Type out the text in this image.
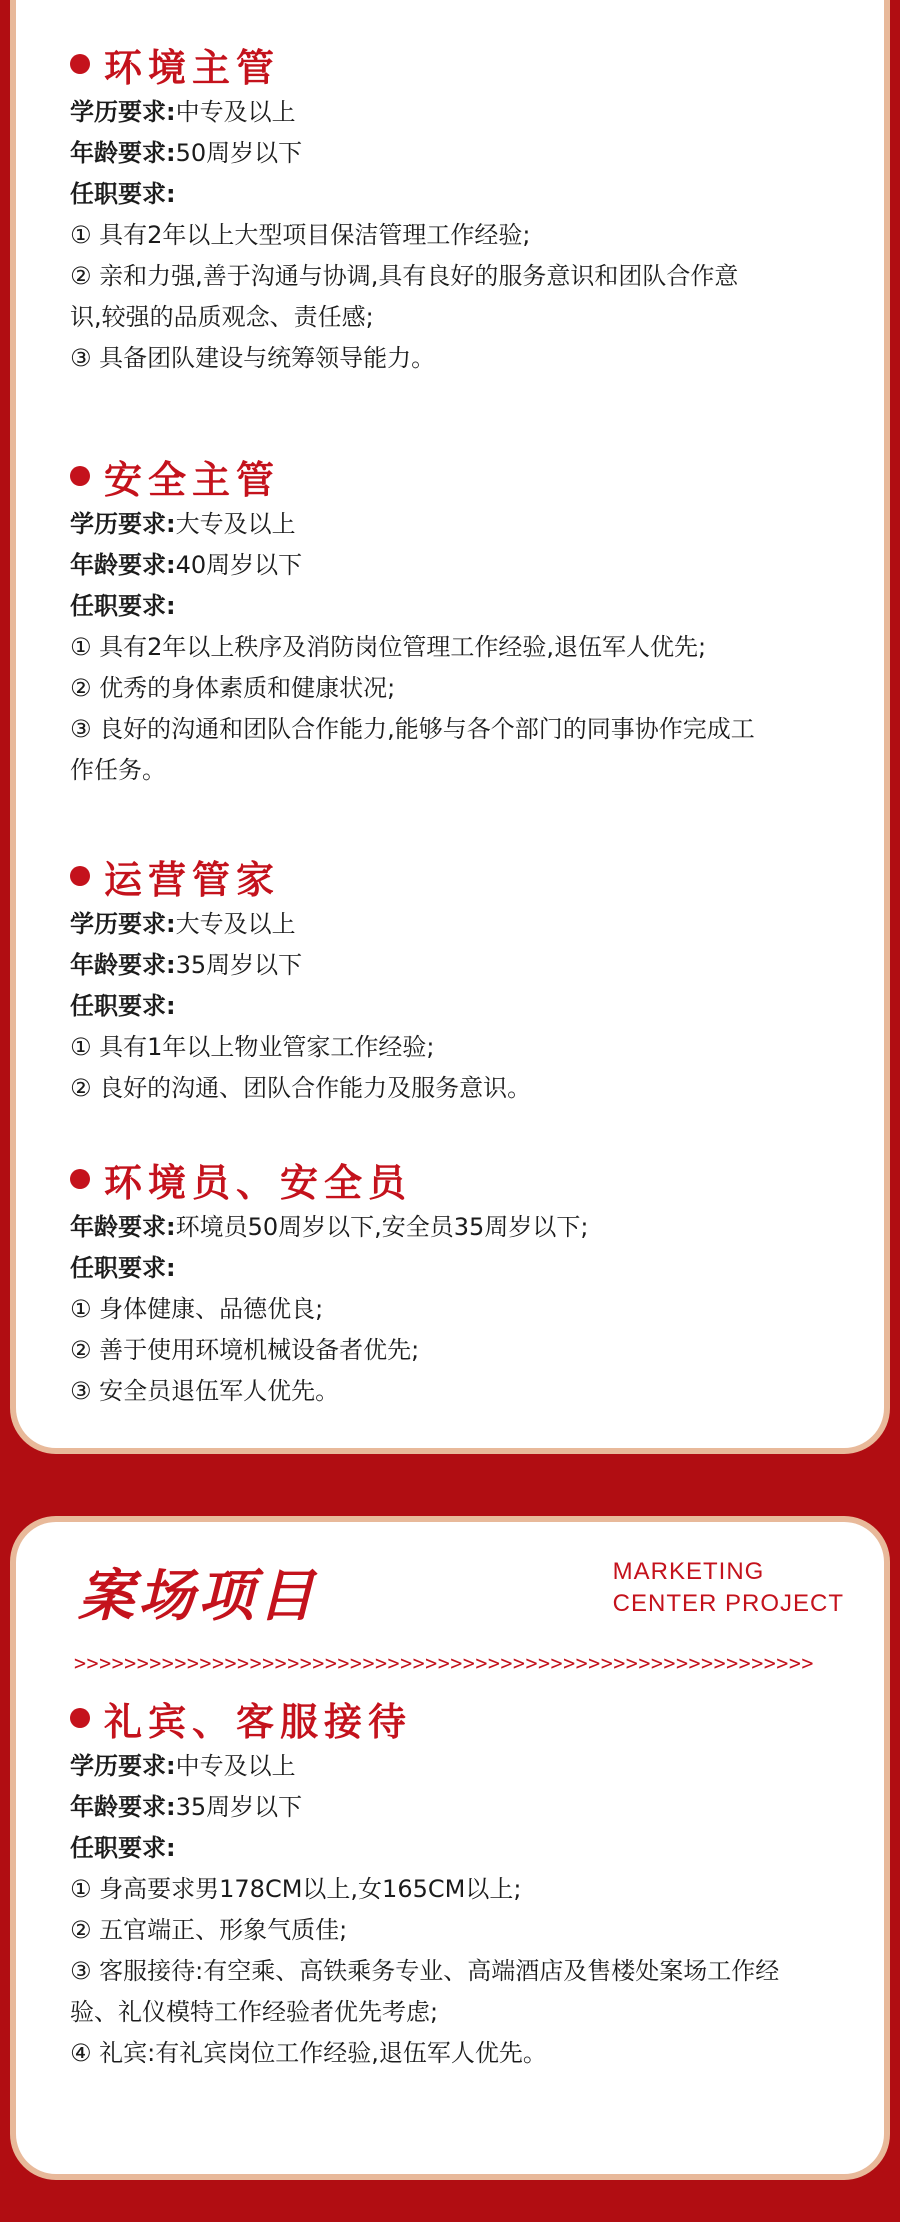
环境主管
学历要求:中专及以上
年龄要求:50周岁以下
任职要求:
① 具有2年以上大型项目保洁管理工作经验;
② 亲和力强,善于沟通与协调,具有良好的服务意识和团队合作意
识,较强的品质观念、责任感;
③ 具备团队建设与统筹领导能力。
安全主管
学历要求:大专及以上
年龄要求:40周岁以下
任职要求:
① 具有2年以上秩序及消防岗位管理工作经验,退伍军人优先;
② 优秀的身体素质和健康状况;
③ 良好的沟通和团队合作能力,能够与各个部门的同事协作完成工
作任务。
运营管家
学历要求:大专及以上
年龄要求:35周岁以下
任职要求:
① 具有1年以上物业管家工作经验;
② 良好的沟通、团队合作能力及服务意识。
环境员、安全员
年龄要求:环境员50周岁以下,安全员35周岁以下;
任职要求:
① 身体健康、品德优良;
② 善于使用环境机械设备者优先;
③ 安全员退伍军人优先。
案场项目	MARKETING
CENTER PROJECT
>>>>>>>>>>>>>>>>>>>>>>>>>>>>>>>>>>>>>>>>>>>>>>>>>>>>>>>>>>>
礼宾、客服接待
学历要求:中专及以上
年龄要求:35周岁以下
任职要求:
① 身高要求男178CM以上,女165CM以上;
② 五官端正、形象气质佳;
③ 客服接待:有空乘、高铁乘务专业、高端酒店及售楼处案场工作经
验、礼仪模特工作经验者优先考虑;
④ 礼宾:有礼宾岗位工作经验,退伍军人优先。
